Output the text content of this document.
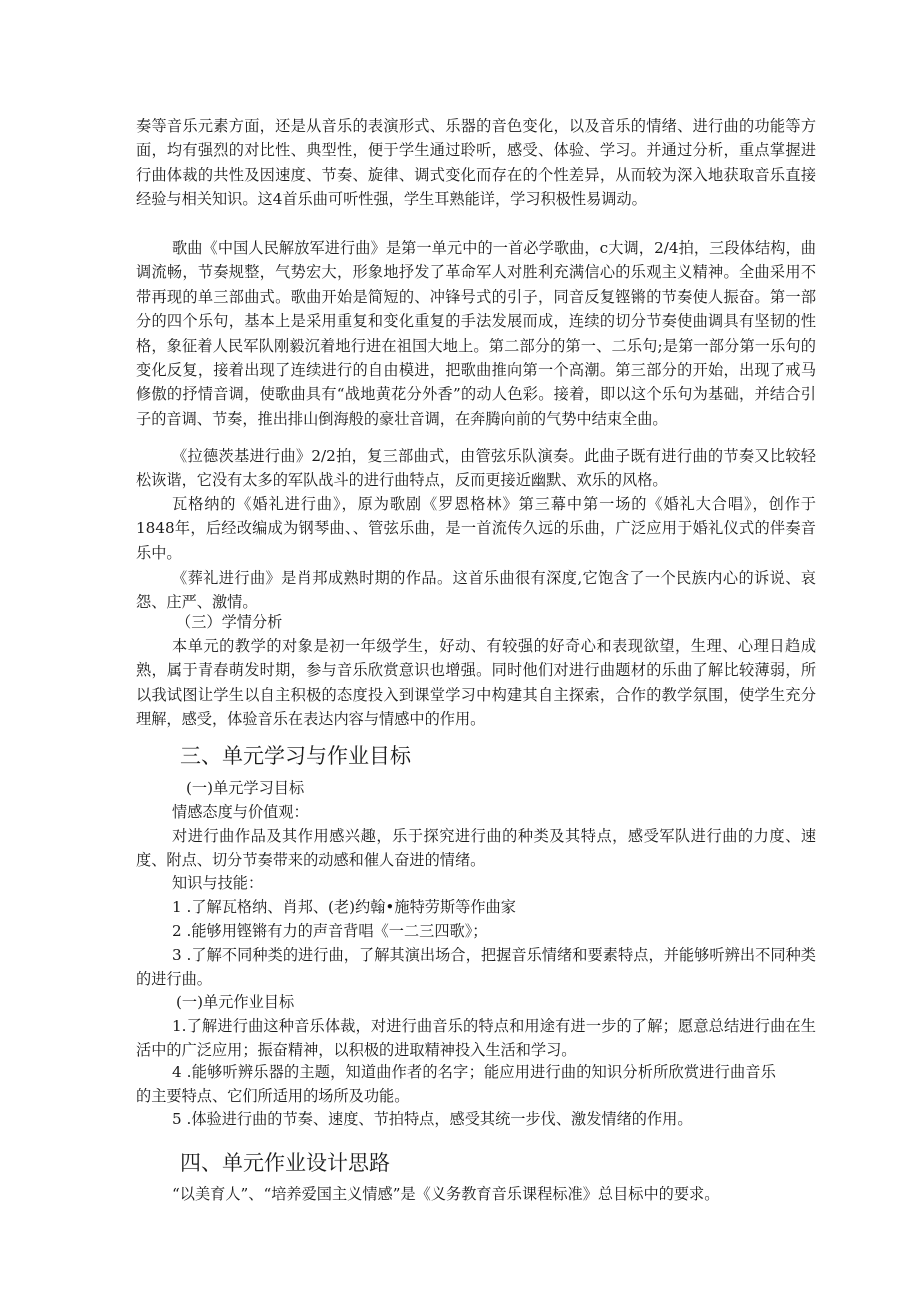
奏等音乐元素方面，还是从音乐的表演形式、乐器的音色变化，以及音乐的情绪、进行曲的功能等方面，均有强烈的对比性、典型性，便于学生通过聆听，感受、体验、学习。并通过分析，重点掌握进行曲体裁的共性及因速度、节奏、旋律、调式变化而存在的个性差异，从而较为深入地获取音乐直接经验与相关知识。这4首乐曲可听性强，学生耳熟能详，学习积极性易调动。

歌曲《中国人民解放军进行曲》是第一单元中的一首必学歌曲，c大调，2/4拍，三段体结构，曲调流畅，节奏规整，气势宏大，形象地抒发了革命军人对胜利充满信心的乐观主义精神。全曲采用不带再现的单三部曲式。歌曲开始是简短的、冲锋号式的引子，同音反复铿锵的节奏使人振奋。第一部分的四个乐句，基本上是采用重复和变化重复的手法发展而成，连续的切分节奏使曲调具有坚韧的性格，象征着人民军队刚毅沉着地行进在祖国大地上。第二部分的第一、二乐句;是第一部分第一乐句的变化反复，接着出现了连续进行的自由模进，把歌曲推向第一个高潮。第三部分的开始，出现了戒马修傲的抒情音调，使歌曲具有“战地黄花分外香”的动人色彩。接着，即以这个乐句为基础，并结合引子的音调、节奏，推出排山倒海般的豪壮音调，在奔腾向前的气势中结束全曲。

《拉德茨基进行曲》2/2拍，复三部曲式，由管弦乐队演奏。此曲子既有进行曲的节奏又比较轻松诙谐，它没有太多的军队战斗的进行曲特点，反而更接近幽默、欢乐的风格。

瓦格纳的《婚礼进行曲》，原为歌剧《罗恩格林》第三幕中第一场的《婚礼大合唱》，创作于1848年，后经改编成为钢琴曲、、管弦乐曲，是一首流传久远的乐曲，广泛应用于婚礼仪式的伴奏音乐中。

《葬礼进行曲》是肖邦成熟时期的作品。这首乐曲很有深度,它饱含了一个民族内心的诉说、哀怨、庄严、激情。

（三）学情分析

本单元的教学的对象是初一年级学生，好动、有较强的好奇心和表现欲望，生理、心理日趋成熟，属于青春萌发时期，参与音乐欣赏意识也增强。同时他们对进行曲题材的乐曲了解比较薄弱，所以我试图让学生以自主积极的态度投入到课堂学习中构建其自主探索，合作的教学氛围，使学生充分理解，感受，体验音乐在表达内容与情感中的作用。

三、单元学习与作业目标

(一)单元学习目标

情感态度与价值观：

对进行曲作品及其作用感兴趣，乐于探究进行曲的种类及其特点，感受军队进行曲的力度、速度、附点、切分节奏带来的动感和催人奋进的情绪。

知识与技能：

1 .了解瓦格纳、肖邦、(老)约翰•施特劳斯等作曲家

2 .能够用铿锵有力的声音背唱《一二三四歌》；

3 .了解不同种类的进行曲，了解其演出场合，把握音乐情绪和要素特点，并能够听辨出不同种类的进行曲。

(一)单元作业目标

1.了解进行曲这种音乐体裁，对进行曲音乐的特点和用途有进一步的了解；愿意总结进行曲在生活中的广泛应用；振奋精神，以积极的进取精神投入生活和学习。

4 .能够听辨乐器的主题，知道曲作者的名字；能应用进行曲的知识分析所欣赏进行曲音乐的主要特点、它们所适用的场所及功能。

5 .体验进行曲的节奏、速度、节拍特点，感受其统一步伐、激发情绪的作用。

四、单元作业设计思路

“以美育人”、“培养爱国主义情感”是《义务教育音乐课程标准》总目标中的要求。
